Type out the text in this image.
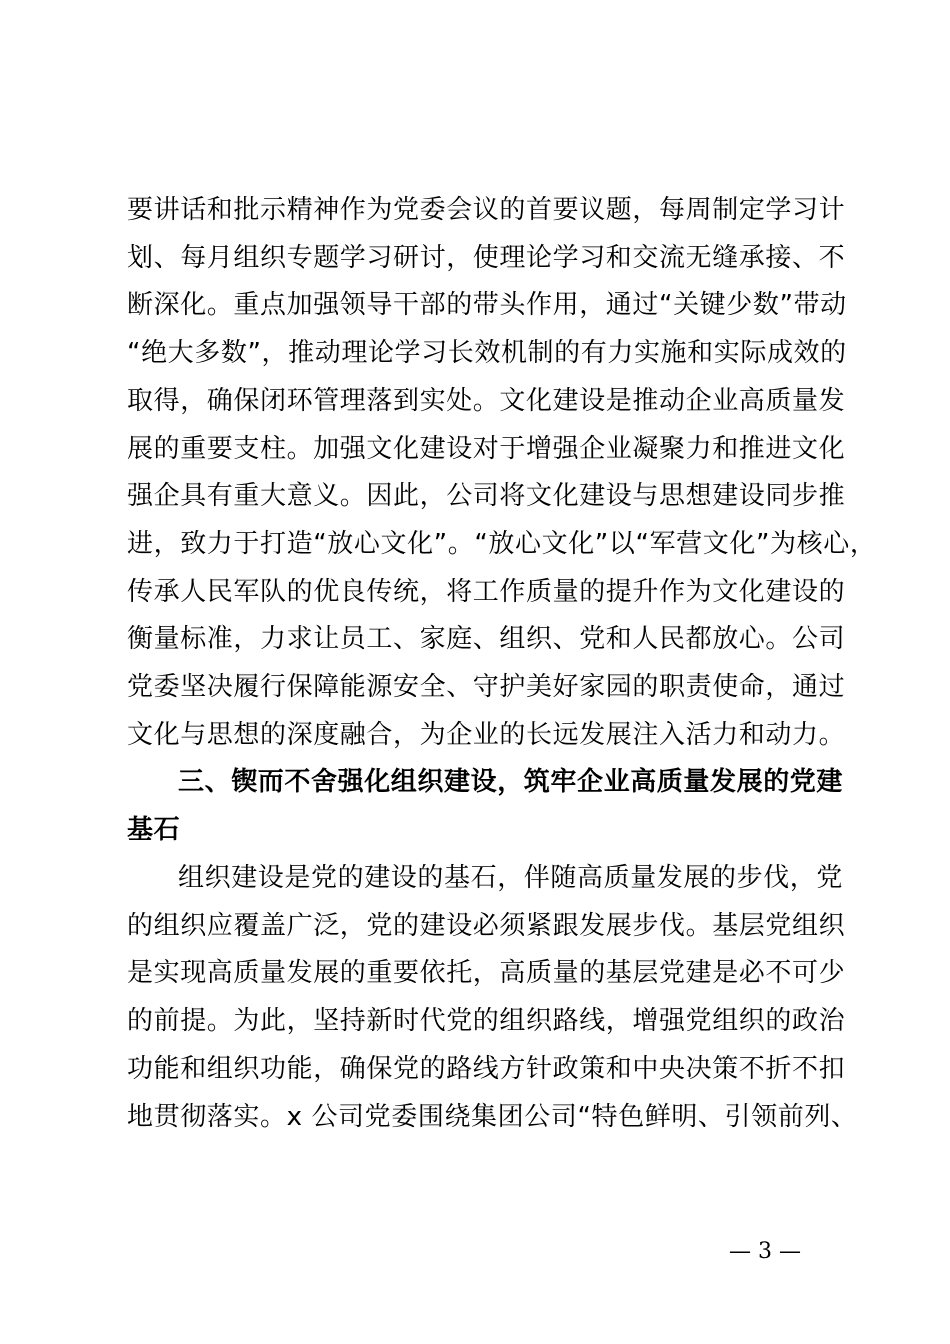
要讲话和批示精神作为党委会议的首要议题，每周制定学习计
划、每月组织专题学习研讨，使理论学习和交流无缝承接、不
断深化。重点加强领导干部的带头作用，通过“关键少数”带动
“绝大多数”，推动理论学习长效机制的有力实施和实际成效的
取得，确保闭环管理落到实处。文化建设是推动企业高质量发
展的重要支柱。加强文化建设对于增强企业凝聚力和推进文化
强企具有重大意义。因此，公司将文化建设与思想建设同步推
进，致力于打造“放心文化”。“放心文化”以“军营文化”为核心，
传承人民军队的优良传统，将工作质量的提升作为文化建设的
衡量标准，力求让员工、家庭、组织、党和人民都放心。公司
党委坚决履行保障能源安全、守护美好家园的职责使命，通过
文化与思想的深度融合，为企业的长远发展注入活力和动力。
三、锲而不舍强化组织建设，筑牢企业高质量发展的党建
基石
组织建设是党的建设的基石，伴随高质量发展的步伐，党
的组织应覆盖广泛，党的建设必须紧跟发展步伐。基层党组织
是实现高质量发展的重要依托，高质量的基层党建是必不可少
的前提。为此，坚持新时代党的组织路线，增强党组织的政治
功能和组织功能，确保党的路线方针政策和中央决策不折不扣
地贯彻落实。x 公司党委围绕集团公司“特色鲜明、引领前列、
— 3 —
